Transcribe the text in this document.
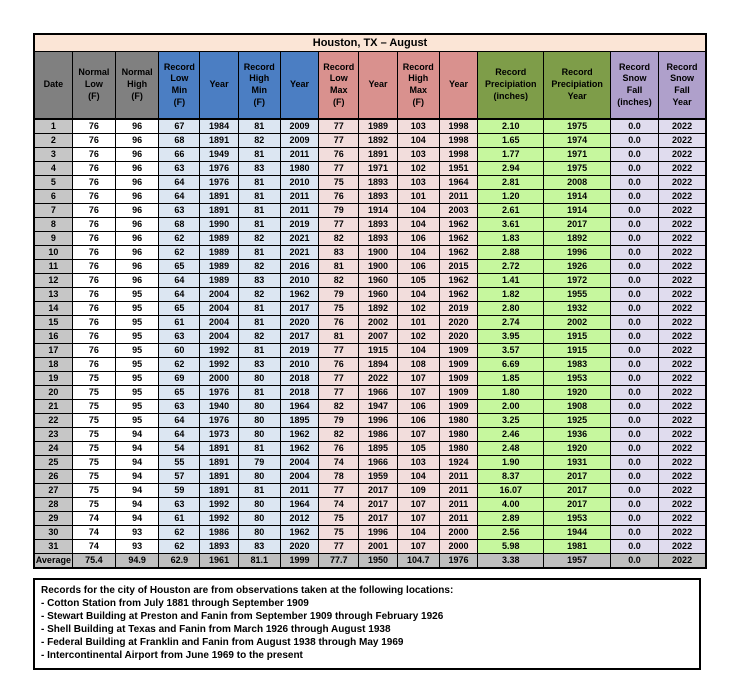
Houston, TX – August														
Date	Normal
Low
(F)	Normal
High
(F)	Record
Low
Min
(F)	Year	Record
High
Min
(F)	Year	Record
Low
Max
(F)	Year	Record
High
Max
(F)	Year	Record
Precipiation
(inches)	Record
Precipiation
Year	Record
Snow
Fall
(inches)	Record
Snow
Fall
Year
1	76	96	67	1984	81	2009	77	1989	103	1998	2.10	1975	0.0	2022
2	76	96	68	1891	82	2009	77	1892	104	1998	1.65	1974	0.0	2022
3	76	96	66	1949	81	2011	76	1891	103	1998	1.77	1971	0.0	2022
4	76	96	63	1976	83	1980	77	1971	102	1951	2.94	1975	0.0	2022
5	76	96	64	1976	81	2010	75	1893	103	1964	2.81	2008	0.0	2022
6	76	96	64	1891	81	2011	76	1893	101	2011	1.20	1914	0.0	2022
7	76	96	63	1891	81	2011	79	1914	104	2003	2.61	1914	0.0	2022
8	76	96	68	1990	81	2019	77	1893	104	1962	3.61	2017	0.0	2022
9	76	96	62	1989	82	2021	82	1893	106	1962	1.83	1892	0.0	2022
10	76	96	62	1989	81	2021	83	1900	104	1962	2.88	1996	0.0	2022
11	76	96	65	1989	82	2016	81	1900	106	2015	2.72	1926	0.0	2022
12	76	96	64	1989	83	2010	82	1960	105	1962	1.41	1972	0.0	2022
13	76	95	64	2004	82	1962	79	1960	104	1962	1.82	1955	0.0	2022
14	76	95	65	2004	81	2017	75	1892	102	2019	2.80	1932	0.0	2022
15	76	95	61	2004	81	2020	76	2002	101	2020	2.74	2002	0.0	2022
16	76	95	63	2004	82	2017	81	2007	102	2020	3.95	1915	0.0	2022
17	76	95	60	1992	81	2019	77	1915	104	1909	3.57	1915	0.0	2022
18	76	95	62	1992	83	2010	76	1894	108	1909	6.69	1983	0.0	2022
19	75	95	69	2000	80	2018	77	2022	107	1909	1.85	1953	0.0	2022
20	75	95	65	1976	81	2018	77	1966	107	1909	1.80	1920	0.0	2022
21	75	95	63	1940	80	1964	82	1947	106	1909	2.00	1908	0.0	2022
22	75	95	64	1976	80	1895	79	1996	106	1980	3.25	1925	0.0	2022
23	75	94	64	1973	80	1962	82	1986	107	1980	2.46	1936	0.0	2022
24	75	94	54	1891	81	1962	76	1895	105	1980	2.48	1920	0.0	2022
25	75	94	55	1891	79	2004	74	1966	103	1924	1.90	1931	0.0	2022
26	75	94	57	1891	80	2004	78	1959	104	2011	8.37	2017	0.0	2022
27	75	94	59	1891	81	2011	77	2017	109	2011	16.07	2017	0.0	2022
28	75	94	63	1992	80	1964	74	2017	107	2011	4.00	2017	0.0	2022
29	74	94	61	1992	80	2012	75	2017	107	2011	2.89	1953	0.0	2022
30	74	93	62	1986	80	1962	75	1996	104	2000	2.56	1944	0.0	2022
31	74	93	62	1893	83	2020	77	2001	107	2000	5.98	1981	0.0	2022
Average	75.4	94.9	62.9	1961	81.1	1999	77.7	1950	104.7	1976	3.38	1957	0.0	2022
Records for the city of Houston are from observations taken at the following locations:
- Cotton Station from July 1881 through September 1909
- Stewart Building at Preston and Fanin from September 1909 through February 1926
- Shell Building at Texas and Fanin from March 1926 through August 1938
- Federal Building at Franklin and Fanin from August 1938 through May 1969
- Intercontinental Airport from June 1969 to the present
